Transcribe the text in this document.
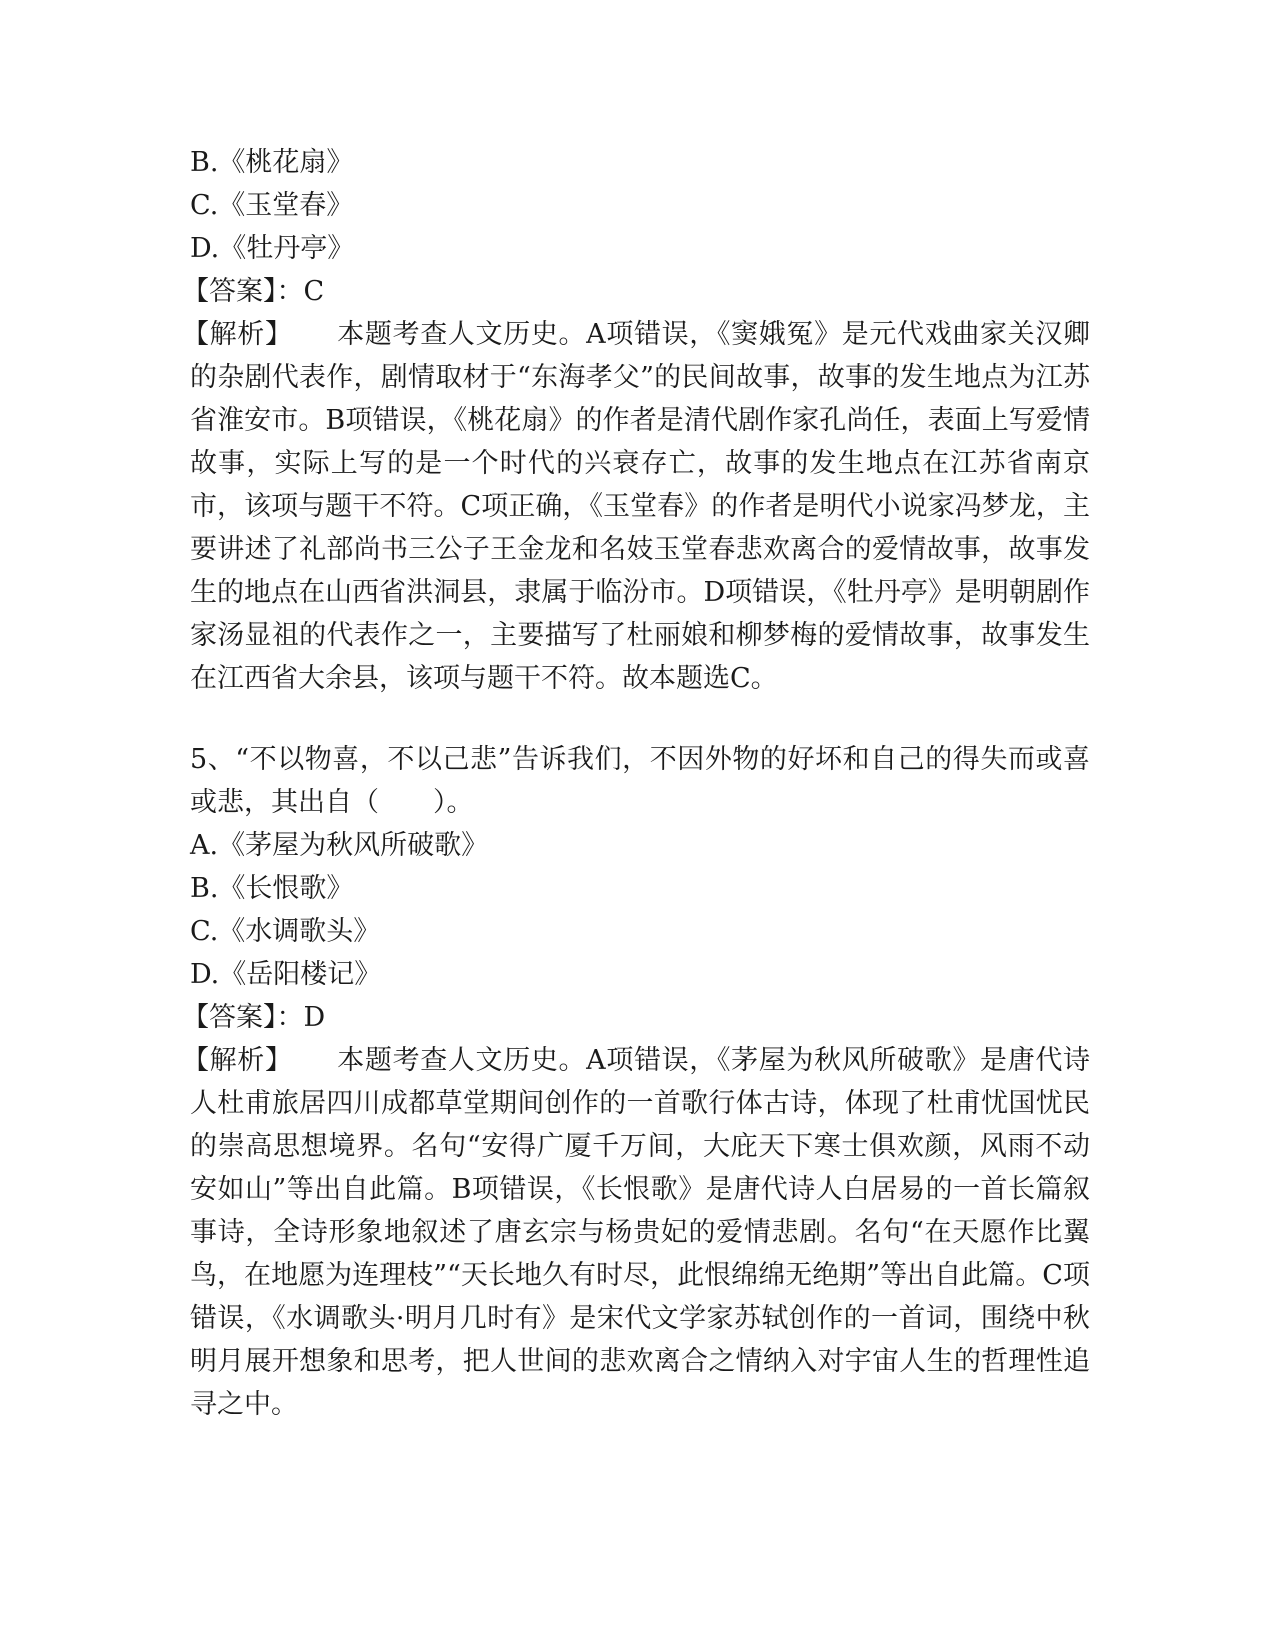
B.《桃花扇》
C.《玉堂春》
D.《牡丹亭》
【答案】：C
【解析】 本题考查人文历史。A项错误，《窦娥冤》是元代戏曲家关汉卿的杂剧代表作，剧情取材于“东海孝父”的民间故事，故事的发生地点为江苏省淮安市。B项错误，《桃花扇》的作者是清代剧作家孔尚任，表面上写爱情故事，实际上写的是一个时代的兴衰存亡，故事的发生地点在江苏省南京市，该项与题干不符。C项正确，《玉堂春》的作者是明代小说家冯梦龙，主要讲述了礼部尚书三公子王金龙和名妓玉堂春悲欢离合的爱情故事，故事发生的地点在山西省洪洞县，隶属于临汾市。D项错误，《牡丹亭》是明朝剧作家汤显祖的代表作之一，主要描写了杜丽娘和柳梦梅的爱情故事，故事发生在江西省大余县，该项与题干不符。故本题选C。
5、“不以物喜，不以己悲”告诉我们，不因外物的好坏和自己的得失而或喜或悲，其出自（　　）。
A.《茅屋为秋风所破歌》
B.《长恨歌》
C.《水调歌头》
D.《岳阳楼记》
【答案】：D
【解析】 本题考查人文历史。A项错误，《茅屋为秋风所破歌》是唐代诗人杜甫旅居四川成都草堂期间创作的一首歌行体古诗，体现了杜甫忧国忧民的崇高思想境界。名句“安得广厦千万间，大庇天下寒士俱欢颜，风雨不动安如山”等出自此篇。B项错误，《长恨歌》是唐代诗人白居易的一首长篇叙事诗，全诗形象地叙述了唐玄宗与杨贵妃的爱情悲剧。名句“在天愿作比翼鸟，在地愿为连理枝”“天长地久有时尽，此恨绵绵无绝期”等出自此篇。C项错误，《水调歌头·明月几时有》是宋代文学家苏轼创作的一首词，围绕中秋明月展开想象和思考，把人世间的悲欢离合之情纳入对宇宙人生的哲理性追寻之中。
